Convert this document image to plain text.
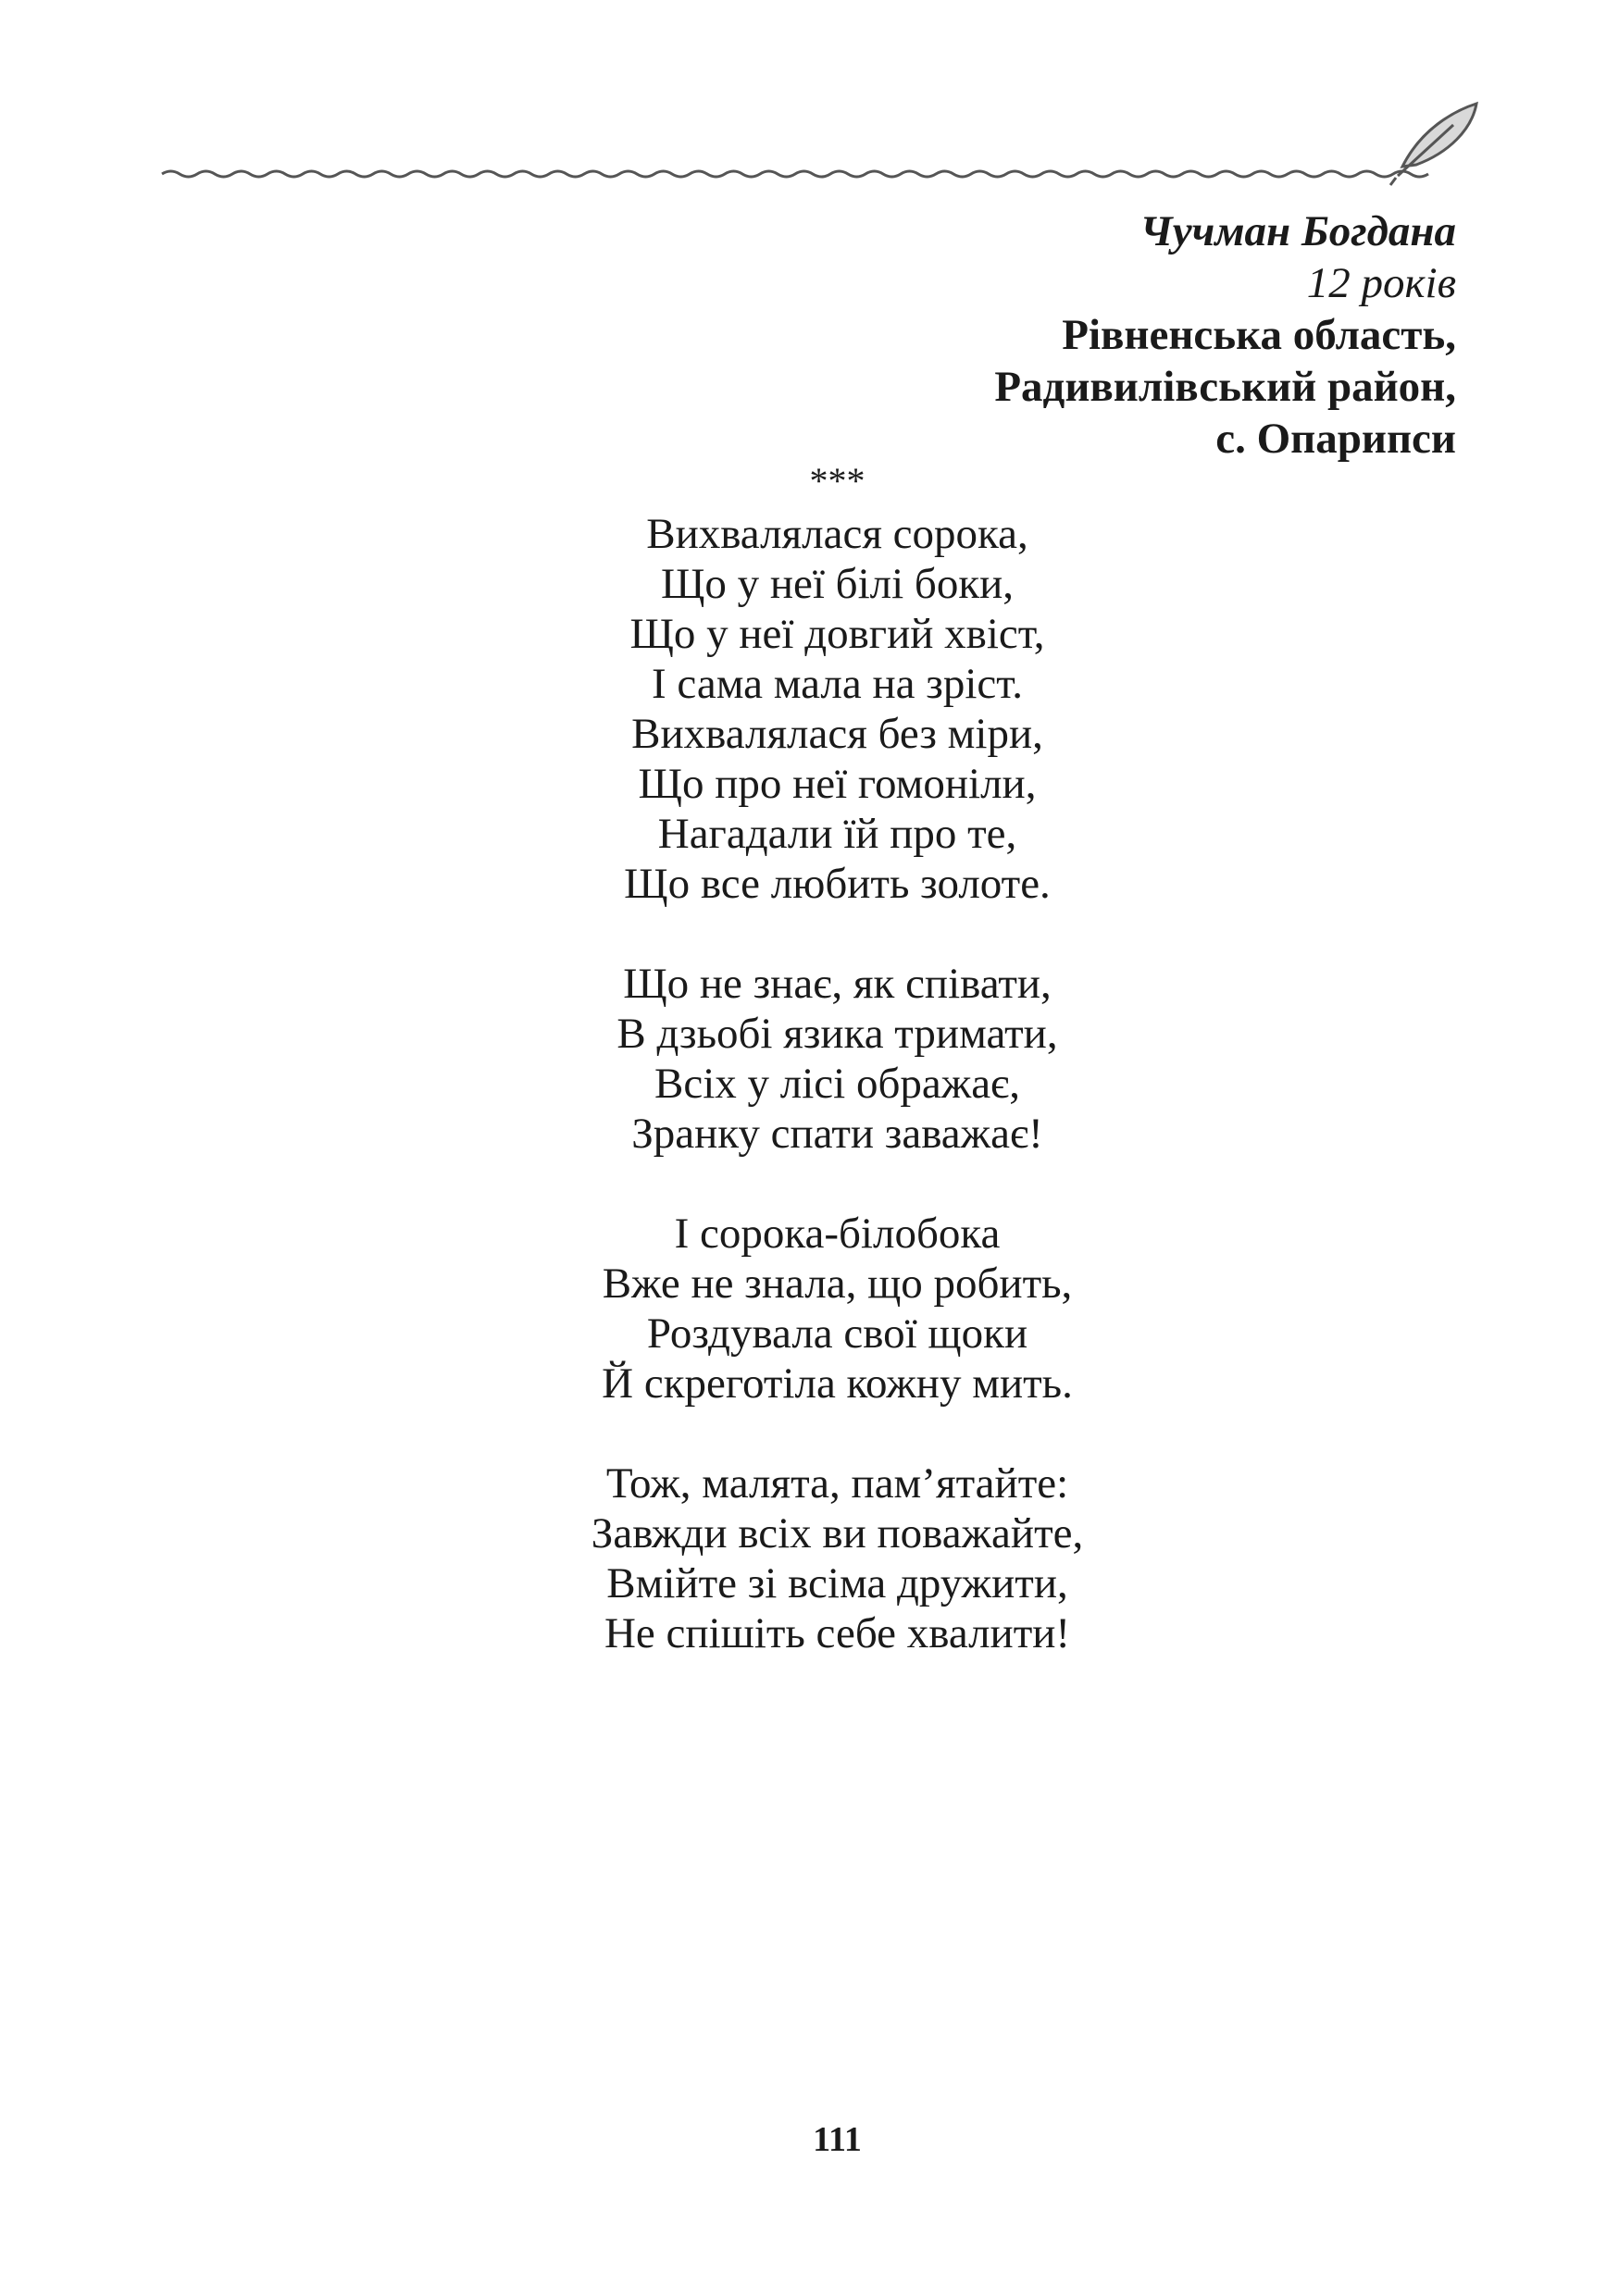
Чучман Богдана
12 років
Рівненська область,
Радивилівський район,
с. Опарипси
***
Вихвалялася сорока,
Що у неї білі боки,
Що у неї довгий хвіст,
І сама мала на зріст.
Вихвалялася без міри,
Що про неї гомоніли,
Нагадали їй про те,
Що все любить золоте.
Що не знає, як співати,
В дзьобі язика тримати,
Всіх у лісі ображає,
Зранку спати заважає!
І сорока-білобока
Вже не знала, що робить,
Роздувала свої щоки
Й скреготіла кожну мить.
Тож, малята, пам’ятайте:
Завжди всіх ви поважайте,
Вмійте зі всіма дружити,
Не спішіть себе хвалити!
111
